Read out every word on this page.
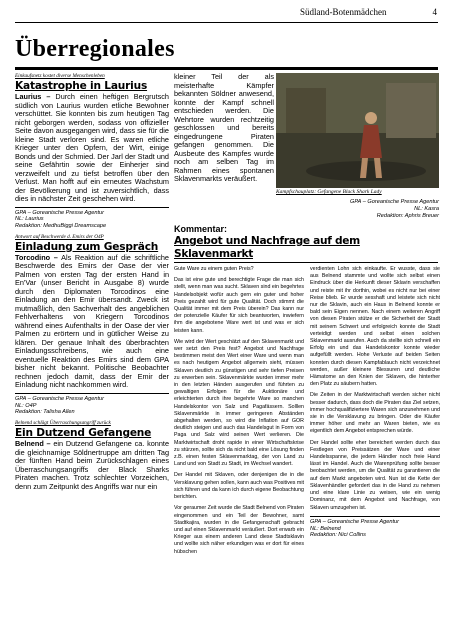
Südland-Botenmädchen	4
Überregionales
Einkaufsnetz kostet diverse Menschenleben
Katastrophe in Laurius

Laurius – Durch einen heftigen Bergrutsch südlich von Laurius wurden etliche Bewohner verschüttet. Sie konnten bis zum heutigen Tag nicht geborgen werden, sodass von offizieller Seite davon ausgegangen wird, dass sie für die kleine Stadt verloren sind. Es waren etliche Krieger unter den Opfern, der Wirt, einige Bonds und der Schmied. Der Jarl der Stadt und seine Gefährtin sowie der Einherjer sind verzweifelt und zu tiefst betroffen über den Verlust. Man hofft auf ein erneutes Wachstum der Bevölkerung und ist zuversichtlich, dass dies in nächster Zeit geschehen wird.

GPA – Goreanische Presse Agentur

NL: Laurius

Redaktion: MedhuBiggi Dreamscape

Antwort auf Beschwerde d. Emirs der O4P
Einladung zum Gespräch

Torcodino – Als Reaktion auf die schriftliche Beschwerde des Emirs der Oase der vier Palmen von ersten Tag der ersten Hand in En'Var (unser Bericht in Ausgabe 8) wurde durch den Diplomaten Torcodinos eine Einladung an den Emir übersandt. Zweck ist mutmaßlich, den Sachverhalt des angeblichen Fehlverhaltens von Kriegern Torcodinos während eines Aufenthalts in der Oase der vier Palmen zu erörtern und in gütlicher Weise zu klären. Der genaue Inhalt des überbrachten Einladungsschreibens, wie auch eine eventuelle Reaktion des Emirs sind dem GPA bisher nicht bekannt. Politische Beobachter rechnen jedoch damit, dass der Emir der Einladung nicht nachkommen wird.

GPA – Goreanische Presse Agentur

NL: O4P

Redaktion: Talisha Allen

Belnend schlägt Überraschungsangriff zurück
Ein Dutzend Gefangene

Belnend – ein Dutzend Gefangene ca. konnte die gleichnamige Söldnertruppe am dritten Tag der fünften Hand beim Zurückschlagen eines Überraschungsangriffs der Black Sharks Piraten machen. Trotz schlechter Vorzeichen, denn zum Zeitpunkt des Angriffs war nur ein

kleiner Teil der als meisterhafte Kämpfer bekannten Söldner anwesend, konnte der Kampf schnell entschieden werden. Die Wehrtore wurden rechtzeitig geschlossen und bereits eingedrungene Piraten gefangen genommen. Die Ausbeute des Kampfes wurde noch am selben Tag im Rahmen eines spontanen Sklavenmarkts veräußert.

Kampfschauplatz: Gefangene Black Shark Lady
GPA – Goreanische Presse Agentur
NL: Kasra
Redaktion: Aphris Breuer
Kommentar:
Angebot und Nachfrage auf dem Sklavenmarkt

Gute Ware zu einem guten Preis?

Das ist eine gute und berechtigte Frage die man sich stellt, wenn man was sucht. Sklaven sind ein begehrtes Handelsobjekt wofür auch gern ein guter und hoher Preis gezahlt wird für gute Qualität. Doch stimmt die Qualität immer mit dem Preis überein? Das kann nur der potenzielle Käufer für sich beantworten, inwiefern ihm die angebotene Ware wert ist und was er sich leisten kann.

Wie wird der Wert geschätzt auf den Sklavenmarkt und wer setzt den Preis fest? Angebot und Nachfrage bestimmen meist den Wert einer Ware und wenn man es nach heutigem Angebot allgemein sieht, müssen Sklaven deutlich zu günstigen und sehr tiefen Preisen zu erwerben sein. Sklavenmärkte wurden immer mehr in den letzten Händen ausgerufen und führten zu gewaltigen Erfolgen für die Auktionäre und erleichterten durch ihre begehrte Ware so manchen Handelskontor von Salz und Pagafässern. Solllen Sklavenmärkte in immer geringeren Abständen abgehalten werden, so wird die Inflation auf GOR deutlich steigen und auch das Handelsgut in Form von Paga und Salz wird seinen Wert verlieren. Die Marktwirtschaft droht rapide in einer Wirtschaftskrise zu stürzen, sollte sich da nicht bald eine Lösung finden z.B. einen festen Sklavenmarktag, der von Land zu Land und von Stadt zu Stadt, im Wechsel wandert.

Der Handel mit Sklaven, oder denjenigen die in die Versklavung gehen sollen, kann auch was Positives mit sich führen und da kann ich durch eigene Beobachtung berichten.

Vor geraumer Zeit wurde die Stadt Belnend von Piraten eingenommen und ein Teil der Bewohner, samt Stadtkajira, wurden in die Gefangenschaft gebracht und auf einen Sklavenmarkt veräußert. Dort erwarb ein Krieger aus einem anderen Land diese Stadtsklavin und wollte sich näher erkundigen was er dort für eines hübschen

verdienten Lohn sich einkaufte. Er wusste, dass sie aus Belnend stammte und wollte sich selbst einen Eindruck über die Herkunft dieser Sklavin verschaffen und reiste mit ihr dorthin, wobei es nicht nur bei einer Reise blieb. Er wurde sesshaft und leistete sich nicht nur die Sklavin, auch ein Haus in Belnend konnte er bald sein Eigen nennen. Nach einem weiteren Angriff von diesen Piraten stütze er die Sicherheit der Stadt mit seinem Schwert und erfolgreich konnte die Stadt verteidigt werden und selbst einen solchen Sklavenmarkt ausrufen. Auch da stellte sich schnell ein Erfolg ein und das Handelskontor konnte wieder aufgefüllt werden. Hohe Verluste auf beiden Seiten konnten durch diesen Kampfablauch nicht verzeichnet werden, außer kleinere Blessuren und deutliche Hämatome an den Knien der Sklaven, die hinterher den Platz zu säubern hatten.

Die Zeiten in der Marktwirtschaft werden sicher nicht besser dadurch, dass doch die Piraten das Ziel setzen, immer hochqualifiziertere Waren sich anzunehmen und sie in die Versklavung zu bringen. Oder die Käufer immer höher und mehr an Waren bieten, wie es eigentlich dem Angebot entsprechen würde.

Der Handel sollte eher bereichert werden durch das Festlegen von Preissätzen der Ware und einer Handelsspanne, die jedem Händler noch freie Hand lässt im Handel. Auch die Warenprüfung sollte besser beobachtet werden, um die Qualität zu garantieren die auf dem Markt angeboten wird. Nun ist die Kette der Sklavenhändler gefordert das in die Hand zu nehmen und eine klare Linie zu weisen, wie ein wenig Dominanz, mit dem Angebot und Nachfrage, von Sklaven umzugehen ist.

GPA – Goreanische Presse Agentur

NL: Belnend

Redaktion: Nici Collins
